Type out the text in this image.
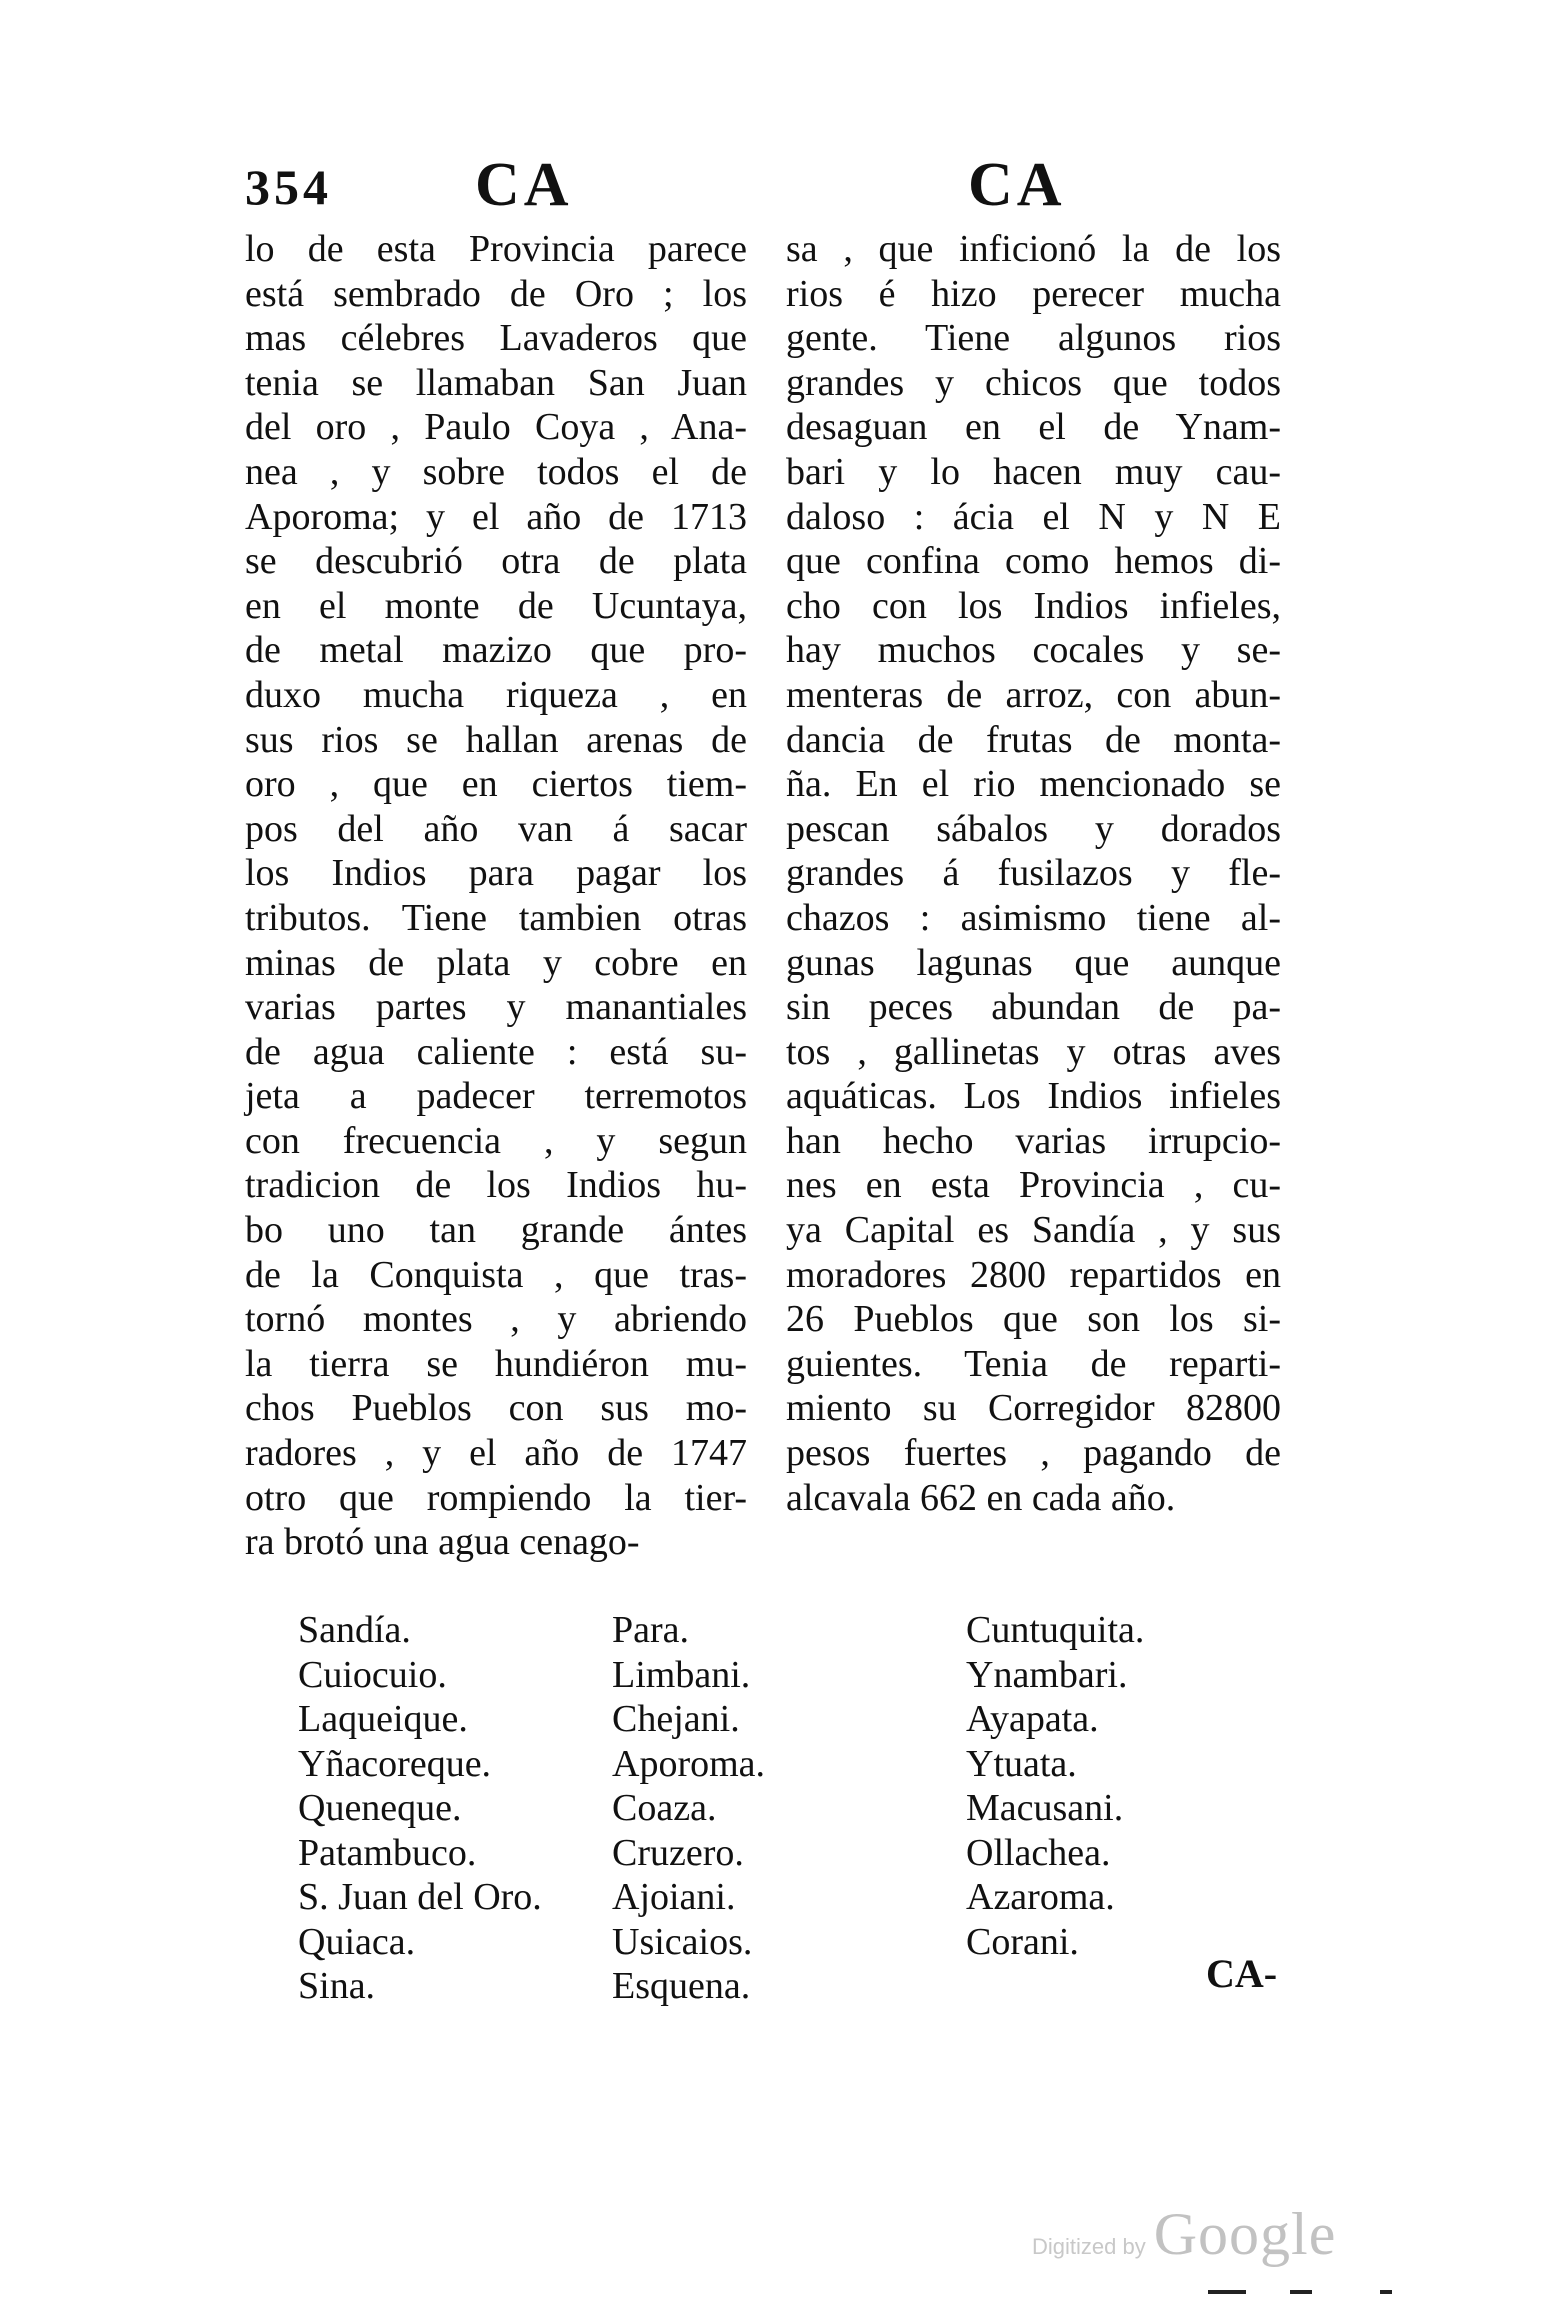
354 CA	CA
lo de esta Provincia parece
está sembrado de Oro ; los
mas célebres Lavaderos que
tenia se llamaban San Juan
del oro , Paulo Coya , Ana-
nea , y sobre todos el de
Aporoma; y el año de 1713
se descubrió otra de plata
en el monte de Ucuntaya,
de metal mazizo que pro-
duxo mucha riqueza , en
sus rios se hallan arenas de
oro , que en ciertos tiem-
pos del año van á sacar
los Indios para pagar los
tributos. Tiene tambien otras
minas de plata y cobre en
varias partes y manantiales
de agua caliente : está su-
jeta a padecer terremotos
con frecuencia , y segun
tradicion de los Indios hu-
bo uno tan grande ántes
de la Conquista , que tras-
tornó montes , y abriendo
la tierra se hundiéron mu-
chos Pueblos con sus mo-
radores , y el año de 1747
otro que rompiendo la tier-
ra brotó una agua cenago-
sa , que inficionó la de los
rios é hizo perecer mucha
gente. Tiene algunos rios
grandes y chicos que todos
desaguan en el de Ynam-
bari y lo hacen muy cau-
daloso : ácia el N y N E
que confina como hemos di-
cho con los Indios infieles,
hay muchos cocales y se-
menteras de arroz, con abun-
dancia de frutas de monta-
ña. En el rio mencionado se
pescan sábalos y dorados
grandes á fusilazos y fle-
chazos : asimismo tiene al-
gunas lagunas que aunque
sin peces abundan de pa-
tos , gallinetas y otras aves
aquáticas. Los Indios infieles
han hecho varias irrupcio-
nes en esta Provincia , cu-
ya Capital es Sandía , y sus
moradores 2800 repartidos en
26 Pueblos que son los si-
guientes. Tenia de reparti-
miento su Corregidor 82800
pesos fuertes , pagando de
alcavala 662 en cada año.
Sandía.
Cuiocuio.
Laqueique.
Yñacoreque.
Queneque.
Patambuco.
S. Juan del Oro.
Quiaca.
Sina.
Para.
Limbani.
Chejani.
Aporoma.
Coaza.
Cruzero.
Ajoiani.
Usicaios.
Esquena.
Cuntuquita.
Ynambari.
Ayapata.
Ytuata.
Macusani.
Ollachea.
Azaroma.
Corani.
CA-
Digitized by Google
